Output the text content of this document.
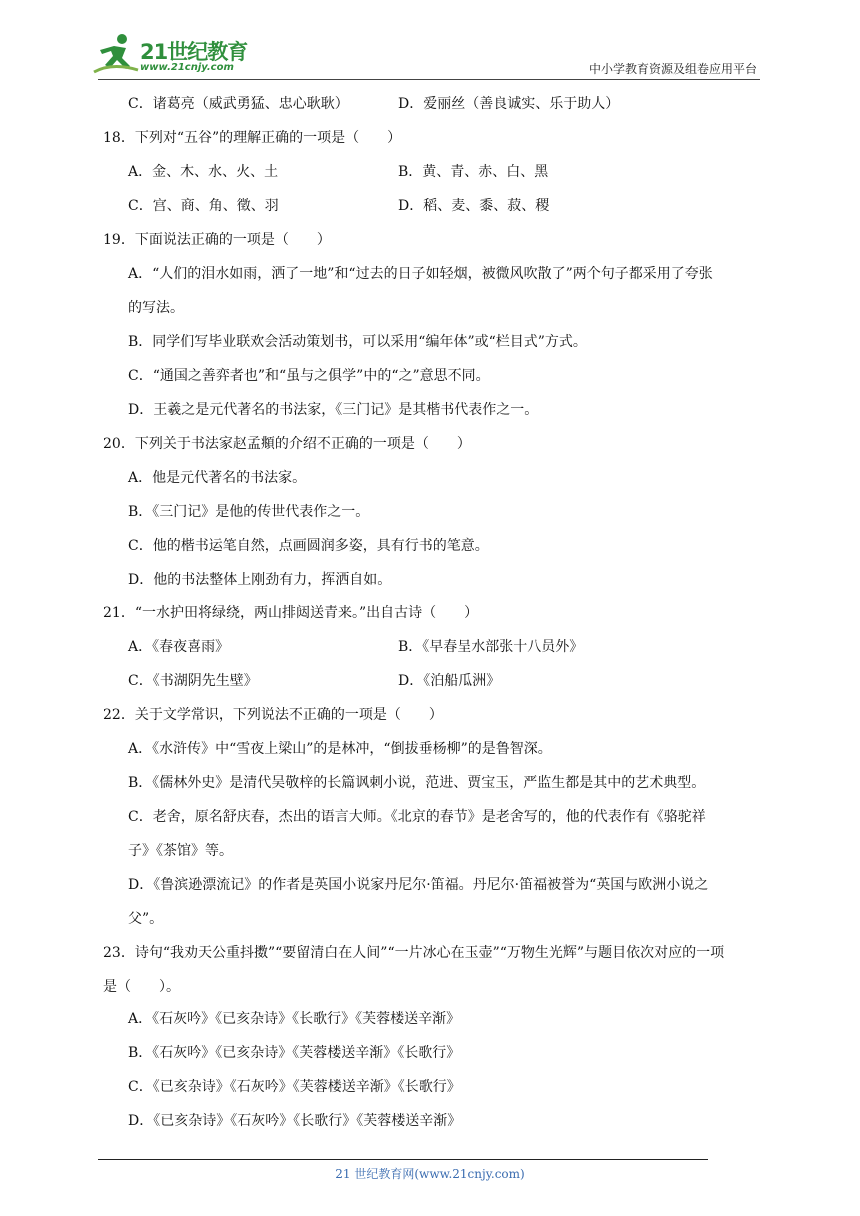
21世纪教育
www.21cnjy.com	中小学教育资源及组卷应用平台
C．诸葛亮（威武勇猛、忠心耿耿）	D．爱丽丝（善良诚实、乐于助人）
18．下列对“五谷”的理解正确的一项是（　　）
A．金、木、水、火、土	B．黄、青、赤、白、黑
C．宫、商、角、徵、羽	D．稻、麦、黍、菽、稷
19．下面说法正确的一项是（　　）
A．“人们的泪水如雨，洒了一地”和“过去的日子如轻烟，被微风吹散了”两个句子都采用了夸张
的写法。
B．同学们写毕业联欢会活动策划书，可以采用“编年体”或“栏目式”方式。
C．“通国之善弈者也”和“虽与之俱学”中的“之”意思不同。
D．王羲之是元代著名的书法家，《三门记》是其楷书代表作之一。
20．下列关于书法家赵孟頫的介绍不正确的一项是（　　）
A．他是元代著名的书法家。
B．《三门记》是他的传世代表作之一。
C．他的楷书运笔自然，点画圆润多姿，具有行书的笔意。
D．他的书法整体上刚劲有力，挥洒自如。
21．“一水护田将绿绕，两山排闼送青来。”出自古诗（　　）
A．《春夜喜雨》	B．《早春呈水部张十八员外》
C．《书湖阴先生壁》	D．《泊船瓜洲》
22．关于文学常识，下列说法不正确的一项是（　　）
A．《水浒传》中“雪夜上梁山”的是林冲，“倒拔垂杨柳”的是鲁智深。
B．《儒林外史》是清代吴敬梓的长篇讽刺小说，范进、贾宝玉，严监生都是其中的艺术典型。
C．老舍，原名舒庆春，杰出的语言大师。《北京的春节》是老舍写的，他的代表作有《骆驼祥
子》《茶馆》等。
D．《鲁滨逊漂流记》的作者是英国小说家丹尼尔·笛福。丹尼尔·笛福被誉为“英国与欧洲小说之
父”。
23．诗句“我劝天公重抖擞”“要留清白在人间”“一片冰心在玉壶”“万物生光辉”与题目依次对应的一项
是（　　）。
A．《石灰吟》《已亥杂诗》《长歌行》《芙蓉楼送辛渐》
B．《石灰吟》《已亥杂诗》《芙蓉楼送辛渐》《长歌行》
C．《已亥杂诗》《石灰吟》《芙蓉楼送辛渐》《长歌行》
D．《已亥杂诗》《石灰吟》《长歌行》《芙蓉楼送辛渐》
21 世纪教育网(www.21cnjy.com)
